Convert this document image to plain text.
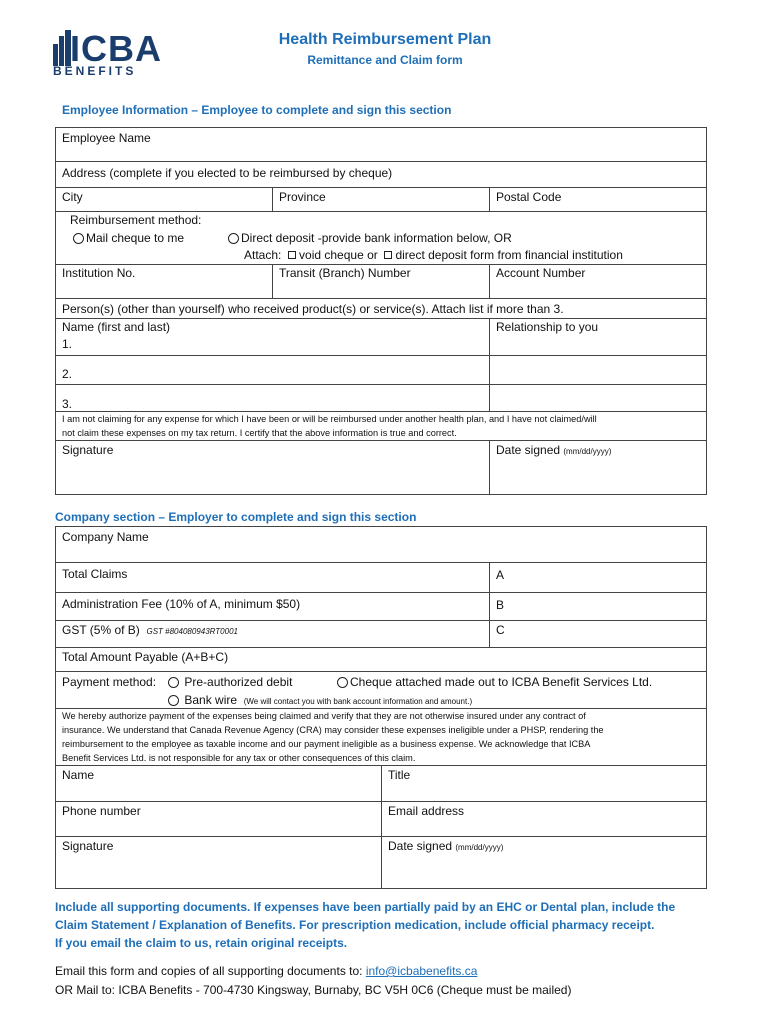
ICBA
BENEFITS
Health Reimbursement Plan
Remittance and Claim form
Employee Information – Employee to complete and sign this section
Employee Name
Address (complete if you elected to be reimbursed by cheque)
City	Province	Postal Code
Reimbursement method:
Mail cheque to me	Direct deposit -provide bank information below, OR
Attach: void cheque or direct deposit form from financial institution
Institution No.	Transit (Branch) Number	Account Number
Person(s) (other than yourself) who received product(s) or service(s). Attach list if more than 3.
Name (first and last)	Relationship to you
1.
2.
3.
I am not claiming for any expense for which I have been or will be reimbursed under another health plan, and I have not claimed/will
not claim these expenses on my tax return. I certify that the above information is true and correct.
Signature	Date signed (mm/dd/yyyy)
Company section – Employer to complete and sign this section
Company Name
Total Claims	A
Administration Fee (10% of A, minimum $50)	B
GST (5% of B) GST #804080943RT0001	C
Total Amount Payable (A+B+C)
Payment method:	Pre-authorized debit	Cheque attached made out to ICBA Benefit Services Ltd.
Bank wire (We will contact you with bank account information and amount.)
We hereby authorize payment of the expenses being claimed and verify that they are not otherwise insured under any contract of
insurance. We understand that Canada Revenue Agency (CRA) may consider these expenses ineligible under a PHSP, rendering the
reimbursement to the employee as taxable income and our payment ineligible as a business expense. We acknowledge that ICBA
Benefit Services Ltd. is not responsible for any tax or other consequences of this claim.
Name	Title
Phone number	Email address
Signature	Date signed (mm/dd/yyyy)
Include all supporting documents. If expenses have been partially paid by an EHC or Dental plan, include the
Claim Statement / Explanation of Benefits. For prescription medication, include official pharmacy receipt.
If you email the claim to us, retain original receipts.
Email this form and copies of all supporting documents to: info@icbabenefits.ca
OR Mail to: ICBA Benefits - 700-4730 Kingsway, Burnaby, BC V5H 0C6 (Cheque must be mailed)
